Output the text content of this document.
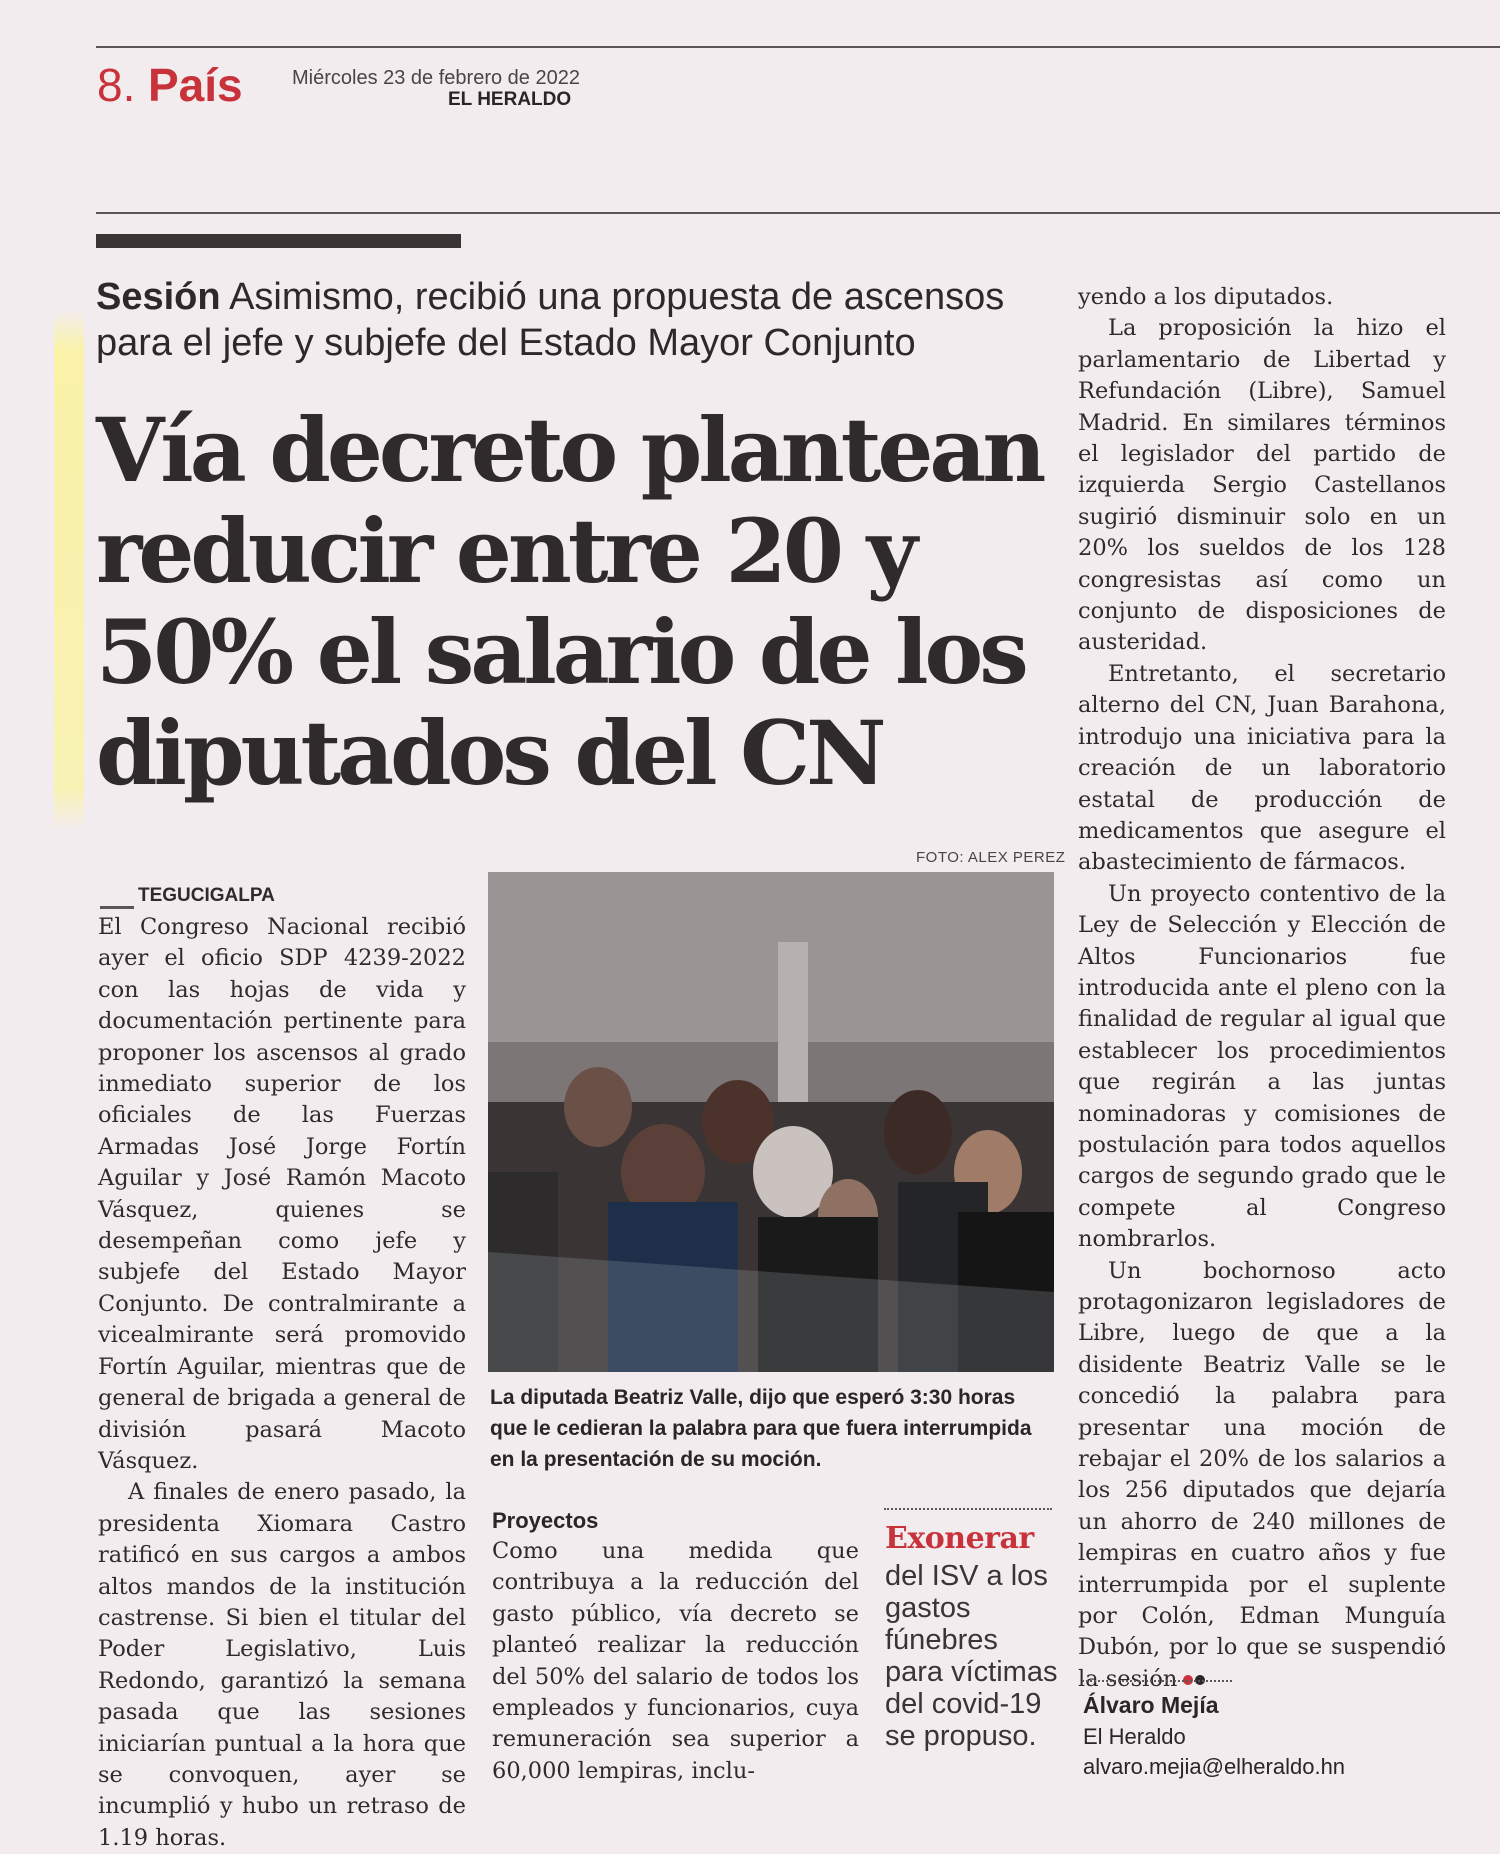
8. País Miércoles 23 de febrero de 2022
EL HERALDO
Sesión Asimismo, recibió una propuesta de ascensos para el jefe y subjefe del Estado Mayor Conjunto
Vía decreto plantean
reducir entre 20 y
50% el salario de los
diputados del CN
TEGUCIGALPA

El Congreso Nacional recibió ayer el oficio SDP 4239-2022 con las hojas de vida y documentación pertinente para proponer los ascensos al grado inmediato superior de los oficiales de las Fuerzas Armadas José Jorge Fortín Aguilar y José Ramón Macoto Vásquez, quienes se desempeñan como jefe y subjefe del Estado Mayor Conjunto. De contralmirante a vicealmirante será promovido Fortín Aguilar, mientras que de general de brigada a general de división pasará Macoto Vásquez.

A finales de enero pasado, la presidenta Xiomara Castro ratificó en sus cargos a ambos altos mandos de la institución castrense. Si bien el titular del Poder Legislativo, Luis Redondo, garantizó la semana pasada que las sesiones iniciarían puntual a la hora que se convoquen, ayer se incumplió y hubo un retraso de 1.19 horas.

FOTO: ALEX PEREZ
La diputada Beatriz Valle, dijo que esperó 3:30 horas que le cedieran la palabra para que fuera interrumpida en la presentación de su moción.
Proyectos

Como una medida que contribuya a la reducción del gasto público, vía decreto se planteó realizar la reducción del 50% del salario de todos los empleados y funcionarios, cuya remuneración sea superior a 60,000 lempiras, inclu-

Exonerar
del ISV a los gastos fúnebres para víctimas del covid-19 se propuso.

yendo a los diputados.

La proposición la hizo el parlamentario de Libertad y Refundación (Libre), Samuel Madrid. En similares términos el legislador del partido de izquierda Sergio Castellanos sugirió disminuir solo en un 20% los sueldos de los 128 congresistas así como un conjunto de disposiciones de austeridad.

Entretanto, el secretario alterno del CN, Juan Barahona, introdujo una iniciativa para la creación de un laboratorio estatal de producción de medicamentos que asegure el abastecimiento de fármacos.

Un proyecto contentivo de la Ley de Selección y Elección de Altos Funcionarios fue introducida ante el pleno con la finalidad de regular al igual que establecer los procedimientos que regirán a las juntas nominadoras y comisiones de postulación para todos aquellos cargos de segundo grado que le compete al Congreso nombrarlos.

Un bochornoso acto protagonizaron legisladores de Libre, luego de que a la disidente Beatriz Valle se le concedió la palabra para presentar una moción de rebajar el 20% de los salarios a los 256 diputados que dejaría un ahorro de 240 millones de lempiras en cuatro años y fue interrumpida por el suplente por Colón, Edman Munguía Dubón, por lo que se suspendió la sesión

Álvaro Mejía
El Heraldo
alvaro.mejia@elheraldo.hn
